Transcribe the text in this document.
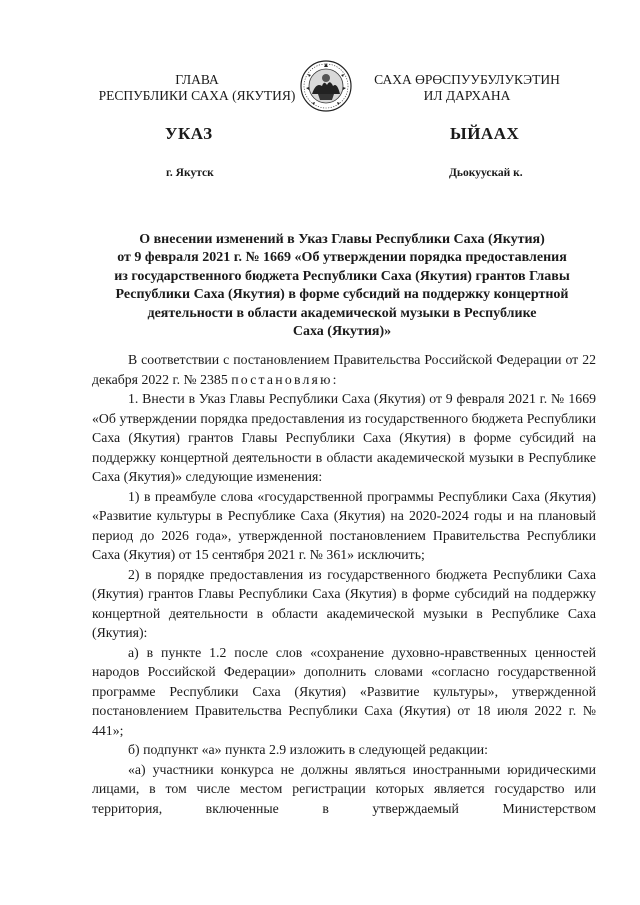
ГЛАВА
РЕСПУБЛИКИ САХА (ЯКУТИЯ)
САХА ӨРӨСПУУБУЛУКЭТИН
ИЛ ДАРХАНА
УКАЗ	ЫЙААХ
г. Якутск	Дьокуускай к.
О внесении изменений в Указ Главы Республики Саха (Якутия)
от 9 февраля 2021 г. № 1669 «Об утверждении порядка предоставления
из государственного бюджета Республики Саха (Якутия) грантов Главы
Республики Саха (Якутия) в форме субсидий на поддержку концертной
деятельности в области академической музыки в Республике
Саха (Якутия)»

В соответствии с постановлением Правительства Российской Федерации от 22 декабря 2022 г. № 2385 постановляю:

1. Внести в Указ Главы Республики Саха (Якутия) от 9 февраля 2021 г. № 1669 «Об утверждении порядка предоставления из государственного бюджета Республики Саха (Якутия) грантов Главы Республики Саха (Якутия) в форме субсидий на поддержку концертной деятельности в области академической музыки в Республике Саха (Якутия)» следующие изменения:

1) в преамбуле слова «государственной программы Республики Саха (Якутия) «Развитие культуры в Республике Саха (Якутия) на 2020-2024 годы и на плановый период до 2026 года», утвержденной постановлением Правительства Республики Саха (Якутия) от 15 сентября 2021 г. № 361» исключить;

2) в порядке предоставления из государственного бюджета Республики Саха (Якутия) грантов Главы Республики Саха (Якутия) в форме субсидий на поддержку концертной деятельности в области академической музыки в Республике Саха (Якутия):

а) в пункте 1.2 после слов «сохранение духовно-нравственных ценностей народов Российской Федерации» дополнить словами «согласно государственной программе Республики Саха (Якутия) «Развитие культуры», утвержденной постановлением Правительства Республики Саха (Якутия) от 18 июля 2022 г. № 441»;

б) подпункт «а» пункта 2.9 изложить в следующей редакции:

«а) участники конкурса не должны являться иностранными юридическими лицами, в том числе местом регистрации которых является государство или территория, включенные в утверждаемый Министерством
